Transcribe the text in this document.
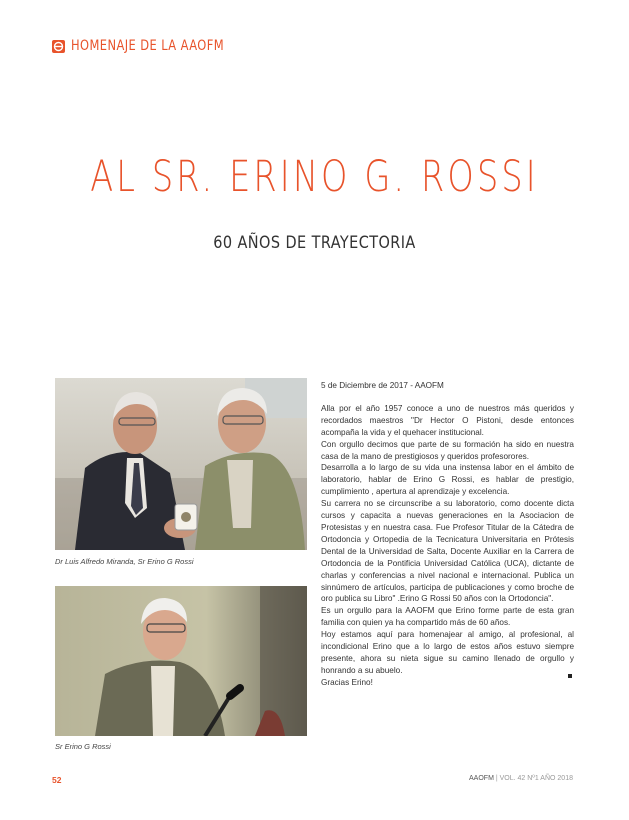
HOMENAJE DE LA AAOFM
AL SR. ERINO G. ROSSI
60 AÑOS DE TRAYECTORIA
Dr Luis Alfredo Miranda, Sr Erino G Rossi
Sr Erino G Rossi

5 de Diciembre de 2017 - AAOFM

Alla por el año 1957 conoce a uno de nuestros más queridos y recordados maestros "Dr Hector O Pistoni, desde entonces acompaña la vida y el quehacer institucional.

Con orgullo decimos que parte de su formación ha sido en nuestra casa de la mano de prestigiosos y queridos profesorores.

Desarrolla a lo largo de su vida una instensa labor en el ámbito de laboratorio, hablar de Erino G Rossi, es hablar de prestigio, cumplimiento , apertura al aprendizaje y excelencia.

Su carrera no se circunscribe a su laboratorio, como docente dicta cursos y capacita a nuevas generaciones en la Asociacion de Protesistas y en nuestra casa. Fue Profesor Titular de la Cátedra de Ortodoncia y Ortopedia de la Tecnicatura Universitaria en Prótesis Dental de la Universidad de Salta, Docente Auxiliar en la Carrera de Ortodoncia de la Pontificia Universidad Católica (UCA), dictante de charlas y conferencias a nivel nacional e internacional. Publica un sinnúmero de artículos, participa de publicaciones y como broche de oro publica su Libro" .Erino G Rossi 50 años con la Ortodoncia".

Es un orgullo para la AAOFM que Erino forme parte de esta gran familia con quien ya ha compartido más de 60 años.

Hoy estamos aquí para homenajear al amigo, al profesional, al incondicional Erino que a lo largo de estos años estuvo siempre presente, ahora su nieta sigue su camino llenado de orgullo y honrando a su abuelo.

Gracias Erino!

52	AAOFM | VOL. 42 Nº1 AÑO 2018
